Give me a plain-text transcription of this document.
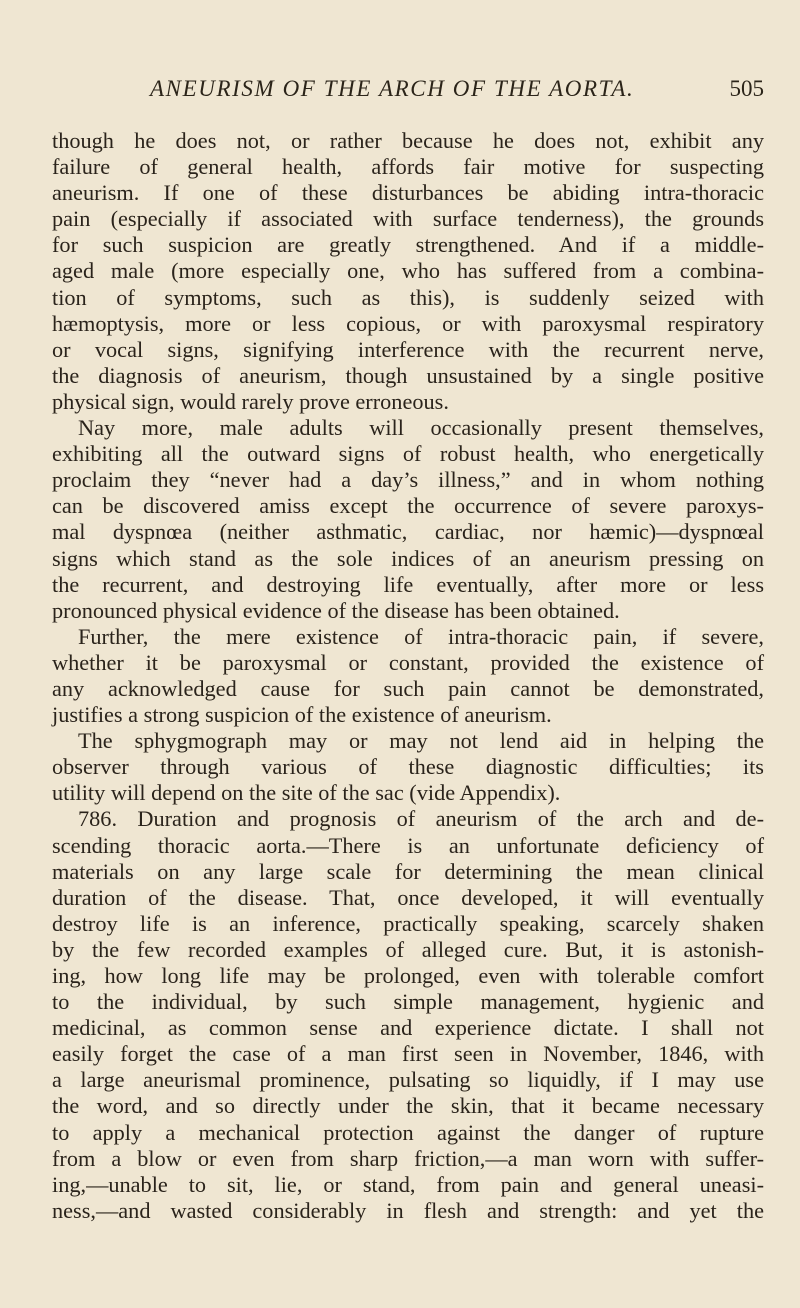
ANEURISM OF THE ARCH OF THE AORTA.	505
though he does not, or rather because he does not, exhibit any
failure of general health, affords fair motive for suspecting
aneurism. If one of these disturbances be abiding intra-thoracic
pain (especially if associated with surface tenderness), the grounds
for such suspicion are greatly strengthened. And if a middle-
aged male (more especially one, who has suffered from a combina-
tion of symptoms, such as this), is suddenly seized with
hæmoptysis, more or less copious, or with paroxysmal respiratory
or vocal signs, signifying interference with the recurrent nerve,
the diagnosis of aneurism, though unsustained by a single positive
physical sign, would rarely prove erroneous.
Nay more, male adults will occasionally present themselves,
exhibiting all the outward signs of robust health, who energetically
proclaim they “never had a day’s illness,” and in whom nothing
can be discovered amiss except the occurrence of severe paroxys-
mal dyspnœa (neither asthmatic, cardiac, nor hæmic)—dyspnœal
signs which stand as the sole indices of an aneurism pressing on
the recurrent, and destroying life eventually, after more or less
pronounced physical evidence of the disease has been obtained.
Further, the mere existence of intra-thoracic pain, if severe,
whether it be paroxysmal or constant, provided the existence of
any acknowledged cause for such pain cannot be demonstrated,
justifies a strong suspicion of the existence of aneurism.
The sphygmograph may or may not lend aid in helping the
observer through various of these diagnostic difficulties; its
utility will depend on the site of the sac (vide Appendix).
786. Duration and prognosis of aneurism of the arch and de-
scending thoracic aorta.—There is an unfortunate deficiency of
materials on any large scale for determining the mean clinical
duration of the disease. That, once developed, it will eventually
destroy life is an inference, practically speaking, scarcely shaken
by the few recorded examples of alleged cure. But, it is astonish-
ing, how long life may be prolonged, even with tolerable comfort
to the individual, by such simple management, hygienic and
medicinal, as common sense and experience dictate. I shall not
easily forget the case of a man first seen in November, 1846, with
a large aneurismal prominence, pulsating so liquidly, if I may use
the word, and so directly under the skin, that it became necessary
to apply a mechanical protection against the danger of rupture
from a blow or even from sharp friction,—a man worn with suffer-
ing,—unable to sit, lie, or stand, from pain and general uneasi-
ness,—and wasted considerably in flesh and strength: and yet the
